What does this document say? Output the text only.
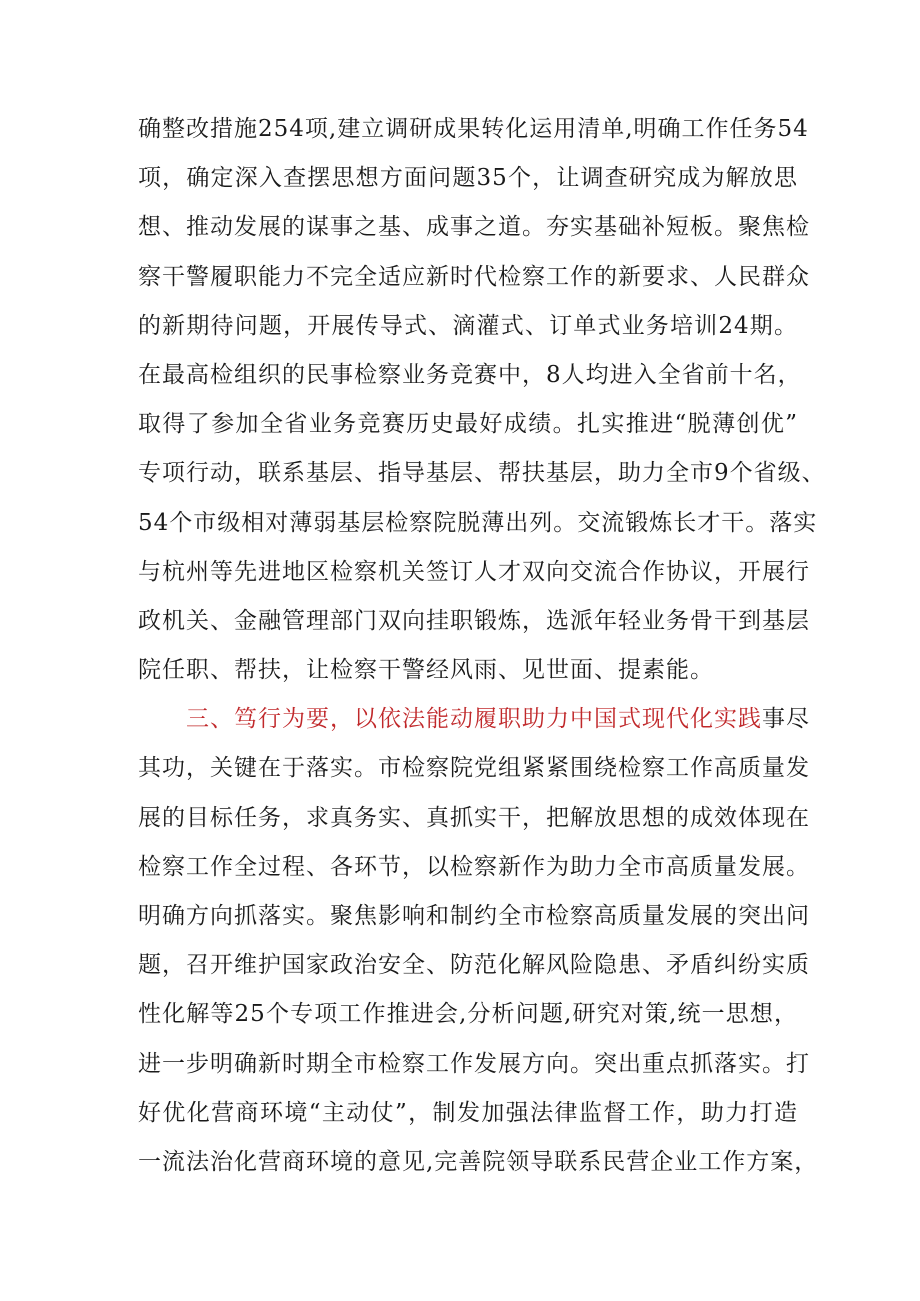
确整改措施254项,建立调研成果转化运用清单,明确工作任务54
项，确定深入查摆思想方面问题35个，让调查研究成为解放思
想、推动发展的谋事之基、成事之道。夯实基础补短板。聚焦检
察干警履职能力不完全适应新时代检察工作的新要求、人民群众
的新期待问题，开展传导式、滴灌式、订单式业务培训24期。
在最高检组织的民事检察业务竞赛中，8人均进入全省前十名，
取得了参加全省业务竞赛历史最好成绩。扎实推进“脱薄创优”
专项行动，联系基层、指导基层、帮扶基层，助力全市9个省级、
54个市级相对薄弱基层检察院脱薄出列。交流锻炼长才干。落实
与杭州等先进地区检察机关签订人才双向交流合作协议，开展行
政机关、金融管理部门双向挂职锻炼，选派年轻业务骨干到基层
院任职、帮扶，让检察干警经风雨、见世面、提素能。
三、笃行为要，以依法能动履职助力中国式现代化实践事尽
其功，关键在于落实。市检察院党组紧紧围绕检察工作高质量发
展的目标任务，求真务实、真抓实干，把解放思想的成效体现在
检察工作全过程、各环节，以检察新作为助力全市高质量发展。
明确方向抓落实。聚焦影响和制约全市检察高质量发展的突出问
题，召开维护国家政治安全、防范化解风险隐患、矛盾纠纷实质
性化解等25个专项工作推进会,分析问题,研究对策,统一思想，
进一步明确新时期全市检察工作发展方向。突出重点抓落实。打
好优化营商环境“主动仗”，制发加强法律监督工作，助力打造
一流法治化营商环境的意见,完善院领导联系民营企业工作方案，
